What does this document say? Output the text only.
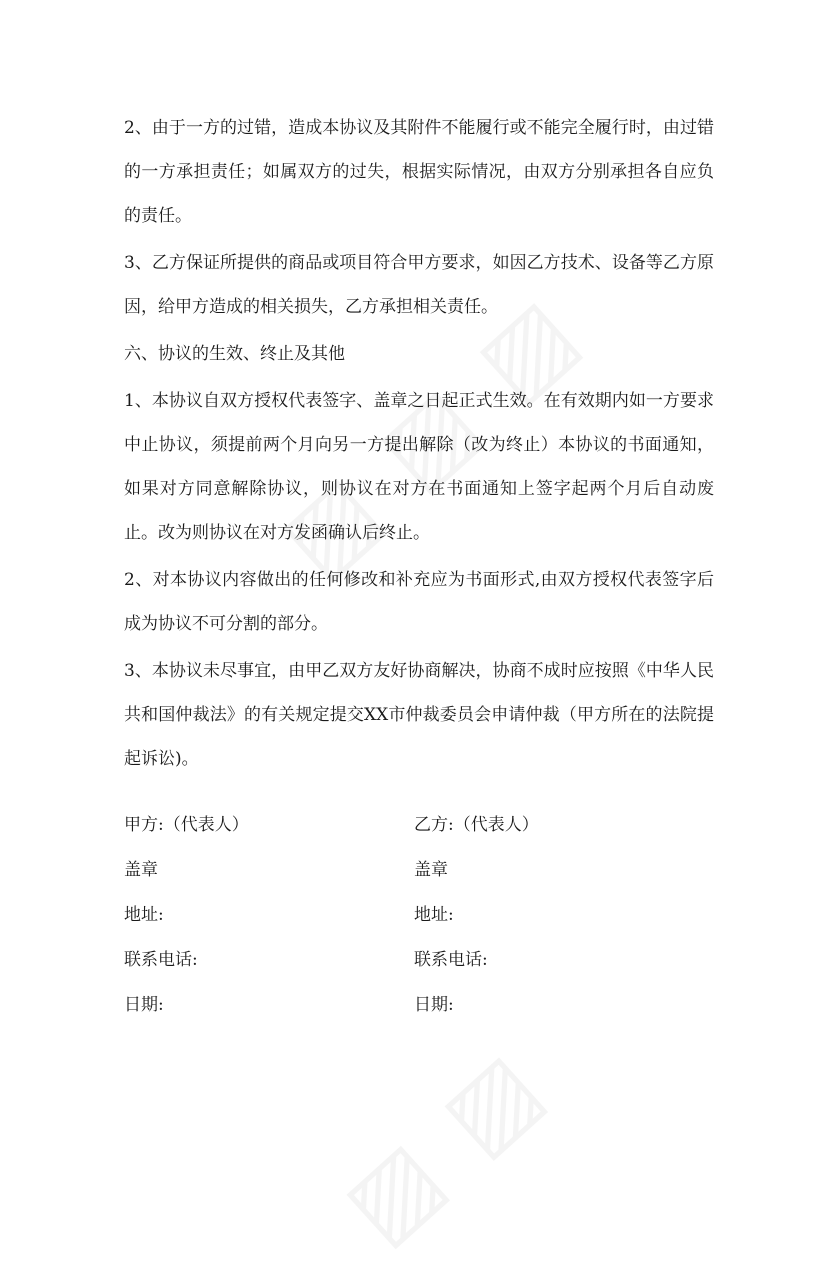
2、由于一方的过错，造成本协议及其附件不能履行或不能完全履行时，由过错的一方承担责任；如属双方的过失，根据实际情况，由双方分别承担各自应负的责任。

3、乙方保证所提供的商品或项目符合甲方要求，如因乙方技术、设备等乙方原因，给甲方造成的相关损失，乙方承担相关责任。

六、协议的生效、终止及其他

1、本协议自双方授权代表签字、盖章之日起正式生效。在有效期内如一方要求中止协议，须提前两个月向另一方提出解除（改为终止）本协议的书面通知，如果对方同意解除协议，则协议在对方在书面通知上签字起两个月后自动废止。改为则协议在对方发函确认后终止。

2、对本协议内容做出的任何修改和补充应为书面形式,由双方授权代表签字后成为协议不可分割的部分。

3、本协议未尽事宜，由甲乙双方友好协商解决，协商不成时应按照《中华人民共和国仲裁法》的有关规定提交XX市仲裁委员会申请仲裁（甲方所在的法院提起诉讼)。

甲方:（代表人）	乙方:（代表人）
盖章	盖章
地址:	地址:
联系电话:	联系电话:
日期:	日期:
